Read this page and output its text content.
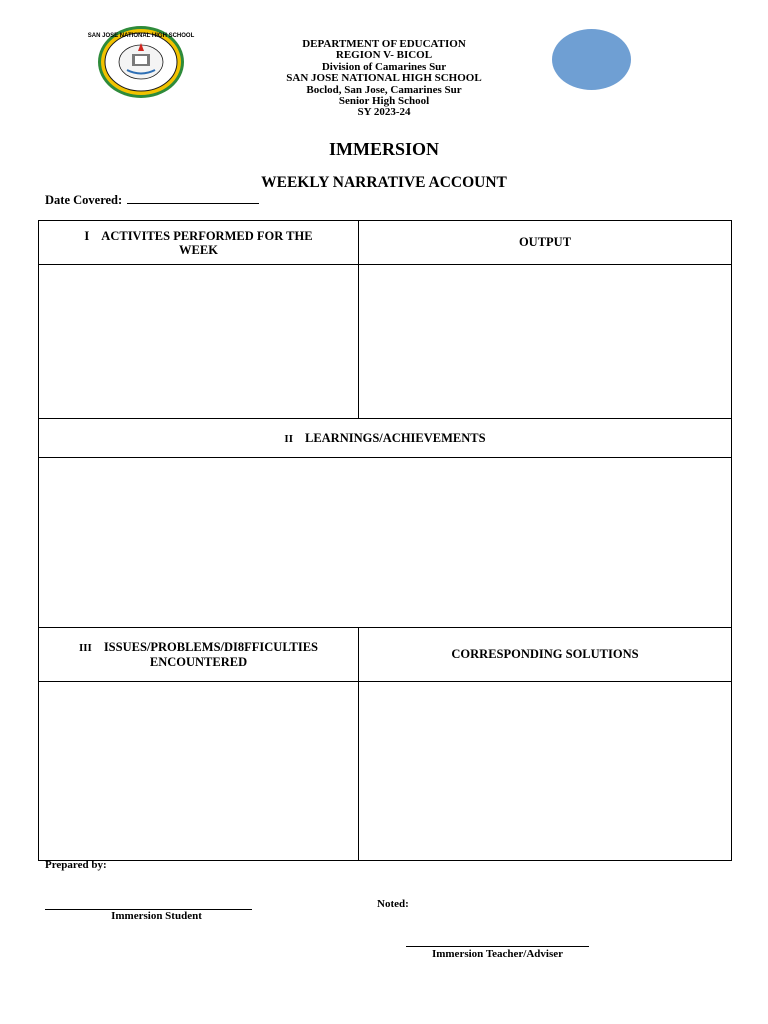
SAN JOSE NATIONAL HIGH SCHOOL
DEPARTMENT OF EDUCATION
REGION V- BICOL
Division of Camarines Sur
SAN JOSE NATIONAL HIGH SCHOOL
Boclod, San Jose, Camarines Sur
Senior High School
SY 2023-24
IMMERSION
WEEKLY NARRATIVE ACCOUNT
Date Covered:
I ACTIVITES PERFORMED FOR THE
WEEK	OUTPUT

II LEARNINGS/ACHIEVEMENTS	

III ISSUES/PROBLEMS/DI8FFICULTIES
ENCOUNTERED	CORRESPONDING SOLUTIONS

Prepared by:
Immersion Student
Noted:
Immersion Teacher/Adviser
